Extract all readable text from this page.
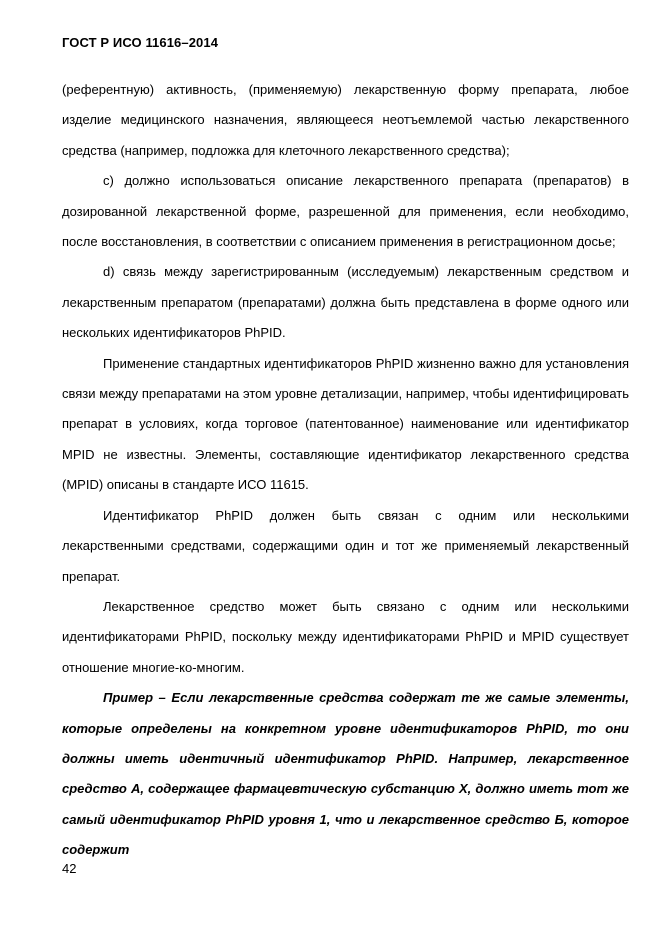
ГОСТ Р ИСО 11616–2014

(референтную) активность, (применяемую) лекарственную форму препарата, любое изделие медицинского назначения, являющееся неотъемлемой частью лекарственного средства (например, подложка для клеточного лекарственного средства);

c) должно использоваться описание лекарственного препарата (препаратов) в дозированной лекарственной форме, разрешенной для применения, если необходимо, после восстановления, в соответствии с описанием применения в регистрационном досье;

d) связь между зарегистрированным (исследуемым) лекарственным средством и лекарственным препаратом (препаратами) должна быть представлена в форме одного или нескольких идентификаторов PhPID.

Применение стандартных идентификаторов PhPID жизненно важно для установления связи между препаратами на этом уровне детализации, например, чтобы идентифицировать препарат в условиях, когда торговое (патентованное) наименование или идентификатор MPID не известны. Элементы, составляющие идентификатор лекарственного средства (MPID) описаны в стандарте ИСО 11615.

Идентификатор PhPID должен быть связан с одним или несколькими лекарственными средствами, содержащими один и тот же применяемый лекарственный препарат.

Лекарственное средство может быть связано с одним или несколькими идентификаторами PhPID, поскольку между идентификаторами PhPID и MPID существует отношение многие-ко-многим.

Пример – Если лекарственные средства содержат те же самые элементы, которые определены на конкретном уровне идентификаторов PhPID, то они должны иметь идентичный идентификатор PhPID. Например, лекарственное средство A, содержащее фармацевтическую субстанцию X, должно иметь тот же самый идентификатор PhPID уровня 1, что и лекарственное средство Б, которое содержит

42
